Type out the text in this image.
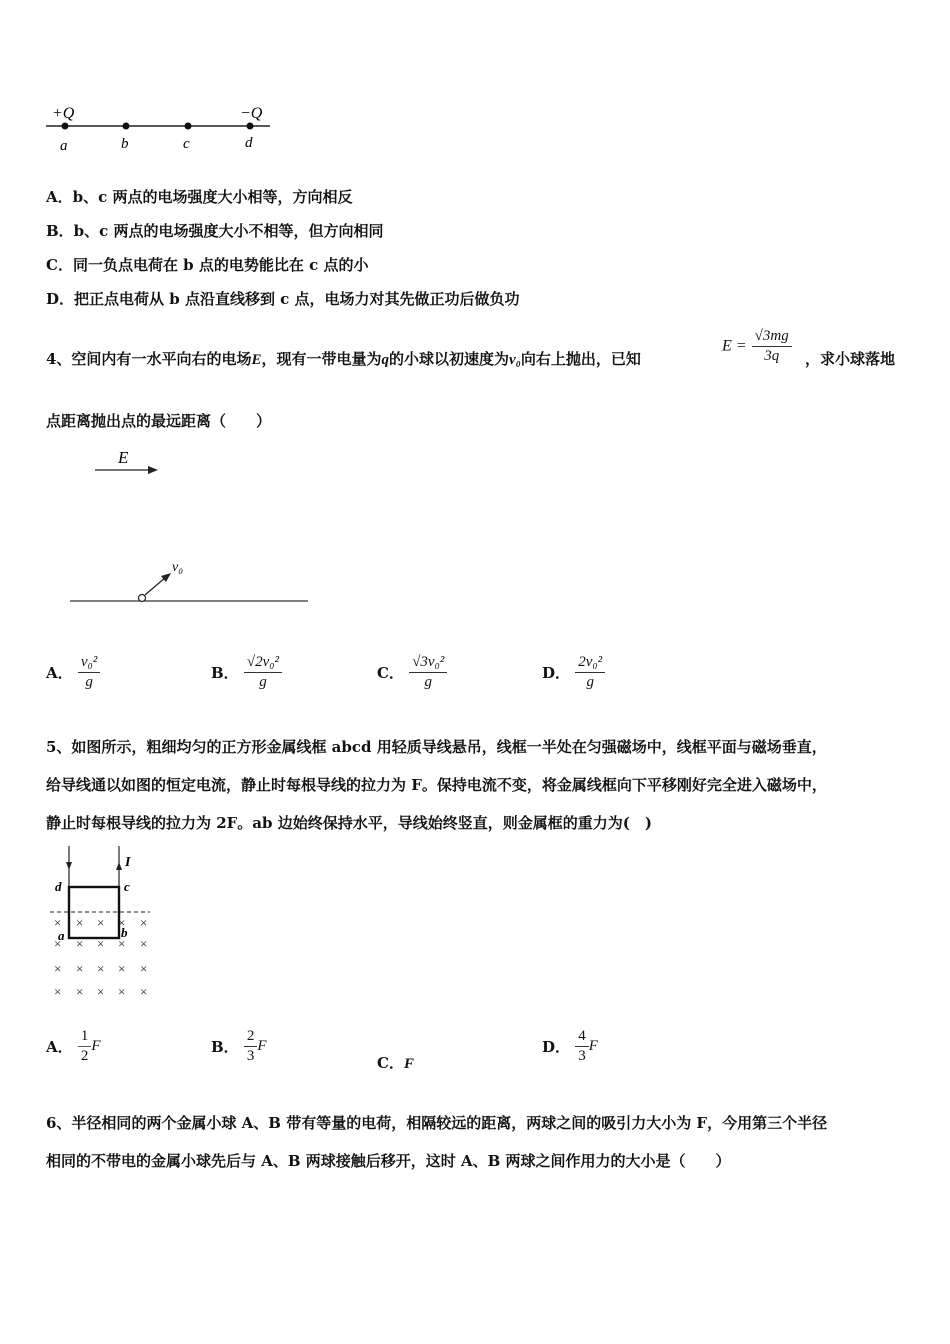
+Q	−Q
a	b	c	d
A．b、c 两点的电场强度大小相等，方向相反
B．b、c 两点的电场强度大小不相等，但方向相同
C．同一负点电荷在 b 点的电势能比在 c 点的小
D．把正点电荷从 b 点沿直线移到 c 点，电场力对其先做正功后做负功
4、空间内有一水平向右的电场E，现有一带电量为q的小球以初速度为v₀向右上抛出，已知
$E = \frac{√3mg}{3q}$ ，求小球落地
点距离抛出点的最远距离（　　）
E
v₀
A． $\frac{\text{v₀²}}{g}$	B． $\frac{\text{√2v₀²}}{g}$	C． $\frac{\text{√3v₀²}}{g}$	D． $\frac{\text{2v₀²}}{g}$
5、如图所示，粗细均匀的正方形金属线框 abcd 用轻质导线悬吊，线框一半处在匀强磁场中，线框平面与磁场垂直，
给导线通以如图的恒定电流，静止时每根导线的拉力为 F。保持电流不变，将金属线框向下平移刚好完全进入磁场中，
静止时每根导线的拉力为 2F。ab 边始终保持水平，导线始终竖直，则金属框的重力为(　)
I
d	c
a	b
× × × × ×
× × × × ×
× × × × ×
× × × × ×
A． $\frac{1}{2}$ F	B． $\frac{2}{3}$ F
C．F
D． $\frac{4}{3}$ F
6、半径相同的两个金属小球 A、B 带有等量的电荷，相隔较远的距离，两球之间的吸引力大小为 F，今用第三个半径
相同的不带电的金属小球先后与 A、B 两球接触后移开，这时 A、B 两球之间作用力的大小是（　　）
